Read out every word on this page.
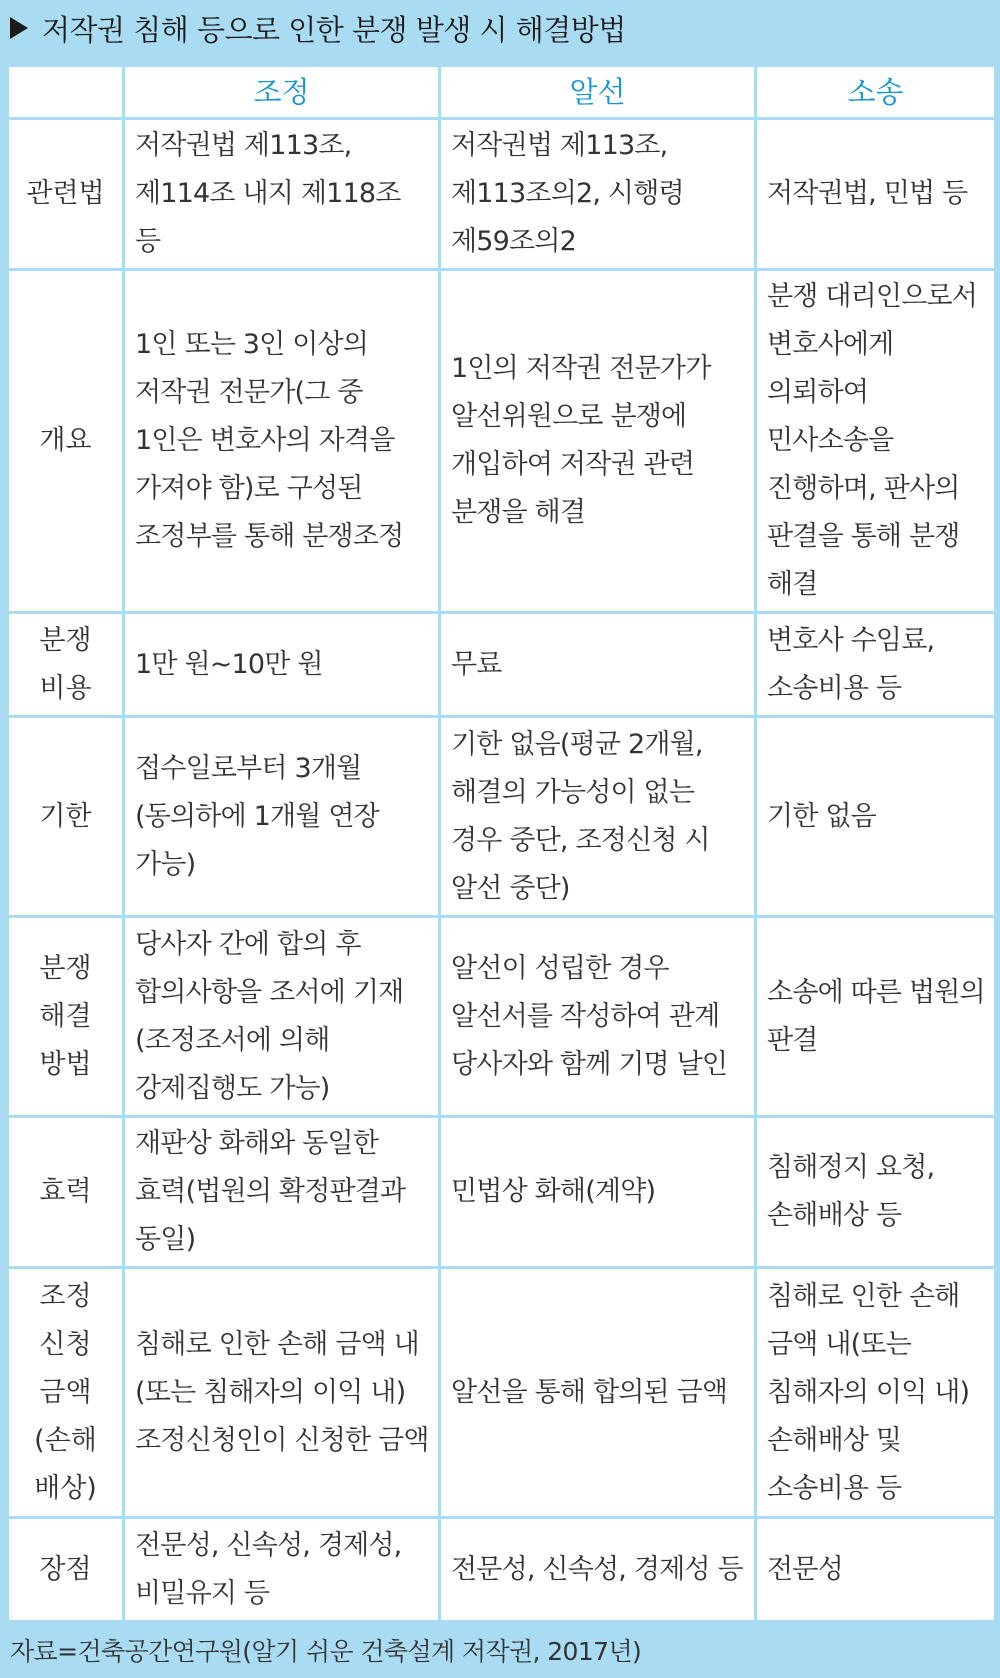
저작권 침해 등으로 인한 분쟁 발생 시 해결방법
	조정	알선	소송
관련법	저작권법 제113조, 제114조 내지 제118조 등	저작권법 제113조, 제113조의2, 시행령 제59조의2	저작권법, 민법 등
개요	1인 또는 3인 이상의 저작권 전문가(그 중 1인은 변호사의 자격을 가져야 함)로 구성된 조정부를 통해 분쟁조정	1인의 저작권 전문가가 알선위원으로 분쟁에 개입하여 저작권 관련 분쟁을 해결	분쟁 대리인으로서 변호사에게 의뢰하여 민사소송을 진행하며, 판사의 판결을 통해 분쟁 해결
분쟁 비용	1만 원~10만 원	무료	변호사 수임료, 소송비용 등
기한	접수일로부터 3개월(동의하에 1개월 연장 가능)	기한 없음(평균 2개월, 해결의 가능성이 없는 경우 중단, 조정신청 시 알선 중단)	기한 없음
분쟁 해결 방법	당사자 간에 합의 후 합의사항을 조서에 기재(조정조서에 의해 강제집행도 가능)	알선이 성립한 경우 알선서를 작성하여 관계 당사자와 함께 기명 날인	소송에 따른 법원의 판결
효력	재판상 화해와 동일한 효력(법원의 확정판결과 동일)	민법상 화해(계약)	침해정지 요청, 손해배상 등
조정 신청 금액 (손해 배상)	침해로 인한 손해 금액 내(또는 침해자의 이익 내) 조정신청인이 신청한 금액	알선을 통해 합의된 금액	침해로 인한 손해 금액 내(또는 침해자의 이익 내) 손해배상 및 소송비용 등
장점	전문성, 신속성, 경제성, 비밀유지 등	전문성, 신속성, 경제성 등	전문성
자료=건축공간연구원(알기 쉬운 건축설계 저작권, 2017년)
